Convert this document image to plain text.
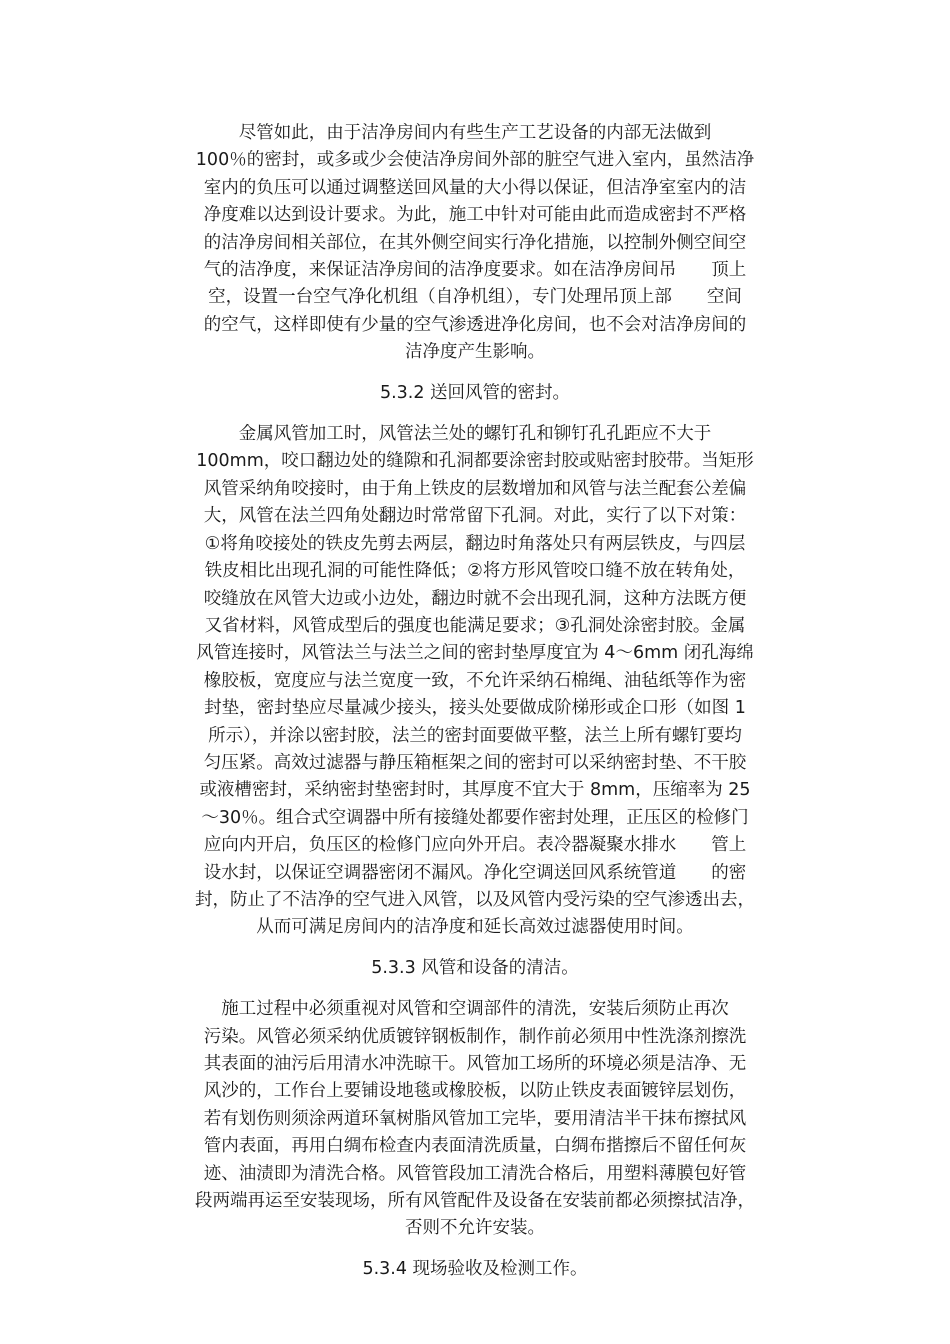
尽管如此，由于洁净房间内有些生产工艺设备的内部无法做到
100％的密封，或多或少会使洁净房间外部的脏空气进入室内，虽然洁净
室内的负压可以通过调整送回风量的大小得以保证，但洁净室室内的洁
净度难以达到设计要求。为此，施工中针对可能由此而造成密封不严格
的洁净房间相关部位，在其外侧空间实行净化措施，以控制外侧空间空
气的洁净度，来保证洁净房间的洁净度要求。如在洁净房间吊　　顶上
空，设置一台空气净化机组（自净机组），专门处理吊顶上部　　空间
的空气，这样即使有少量的空气渗透进净化房间，也不会对洁净房间的
洁净度产生影响。
5.3.2 送回风管的密封。
金属风管加工时，风管法兰处的螺钉孔和铆钉孔孔距应不大于
100mm，咬口翻边处的缝隙和孔洞都要涂密封胶或贴密封胶带。当矩形
风管采纳角咬接时，由于角上铁皮的层数增加和风管与法兰配套公差偏
大，风管在法兰四角处翻边时常常留下孔洞。对此，实行了以下对策：
①将角咬接处的铁皮先剪去两层，翻边时角落处只有两层铁皮，与四层
铁皮相比出现孔洞的可能性降低；②将方形风管咬口缝不放在转角处，
咬缝放在风管大边或小边处，翻边时就不会出现孔洞，这种方法既方便
又省材料，风管成型后的强度也能满足要求；③孔洞处涂密封胶。金属
风管连接时，风管法兰与法兰之间的密封垫厚度宜为 4～6mm 闭孔海绵
橡胶板，宽度应与法兰宽度一致，不允许采纳石棉绳、油毡纸等作为密
封垫，密封垫应尽量减少接头，接头处要做成阶梯形或企口形（如图 1
所示），并涂以密封胶，法兰的密封面要做平整，法兰上所有螺钉要均
匀压紧。高效过滤器与静压箱框架之间的密封可以采纳密封垫、不干胶
或液槽密封，采纳密封垫密封时，其厚度不宜大于 8mm，压缩率为 25
～30％。组合式空调器中所有接缝处都要作密封处理，正压区的检修门
应向内开启，负压区的检修门应向外开启。表冷器凝聚水排水　　管上
设水封，以保证空调器密闭不漏风。净化空调送回风系统管道　　的密
封，防止了不洁净的空气进入风管，以及风管内受污染的空气渗透出去，
从而可满足房间内的洁净度和延长高效过滤器使用时间。
5.3.3 风管和设备的清洁。
施工过程中必须重视对风管和空调部件的清洗，安装后须防止再次
污染。风管必须采纳优质镀锌钢板制作，制作前必须用中性洗涤剂擦洗
其表面的油污后用清水冲洗晾干。风管加工场所的环境必须是洁净、无
风沙的，工作台上要铺设地毯或橡胶板，以防止铁皮表面镀锌层划伤，
若有划伤则须涂两道环氧树脂风管加工完毕，要用清洁半干抹布擦拭风
管内表面，再用白绸布检查内表面清洗质量，白绸布揩擦后不留任何灰
迹、油渍即为清洗合格。风管管段加工清洗合格后，用塑料薄膜包好管
段两端再运至安装现场，所有风管配件及设备在安装前都必须擦拭洁净，
否则不允许安装。
5.3.4 现场验收及检测工作。
